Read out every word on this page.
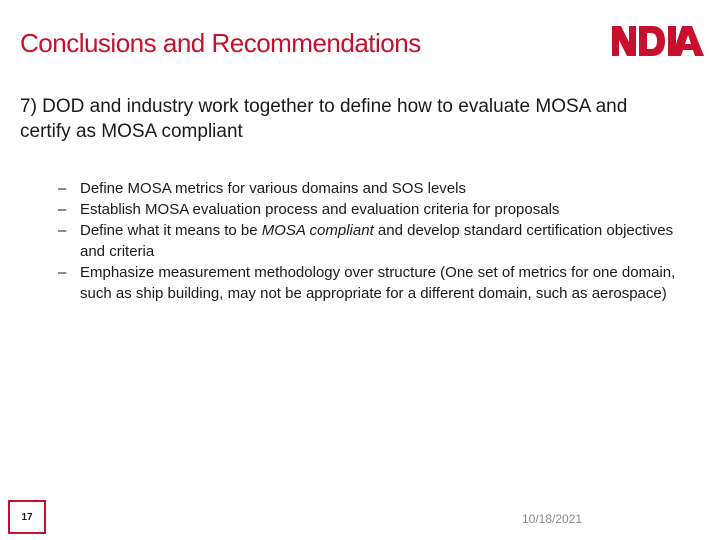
Conclusions and Recommendations
7) DOD and industry work together to define how to evaluate MOSA and certify as MOSA compliant
– Define MOSA metrics for various domains and SOS levels
– Establish MOSA evaluation process and evaluation criteria for proposals
– Define what it means to be MOSA compliant and develop standard certification objectives and criteria
– Emphasize measurement methodology over structure (One set of metrics for one domain, such as ship building, may not be appropriate for a different domain, such as aerospace)
17	10/18/2021
